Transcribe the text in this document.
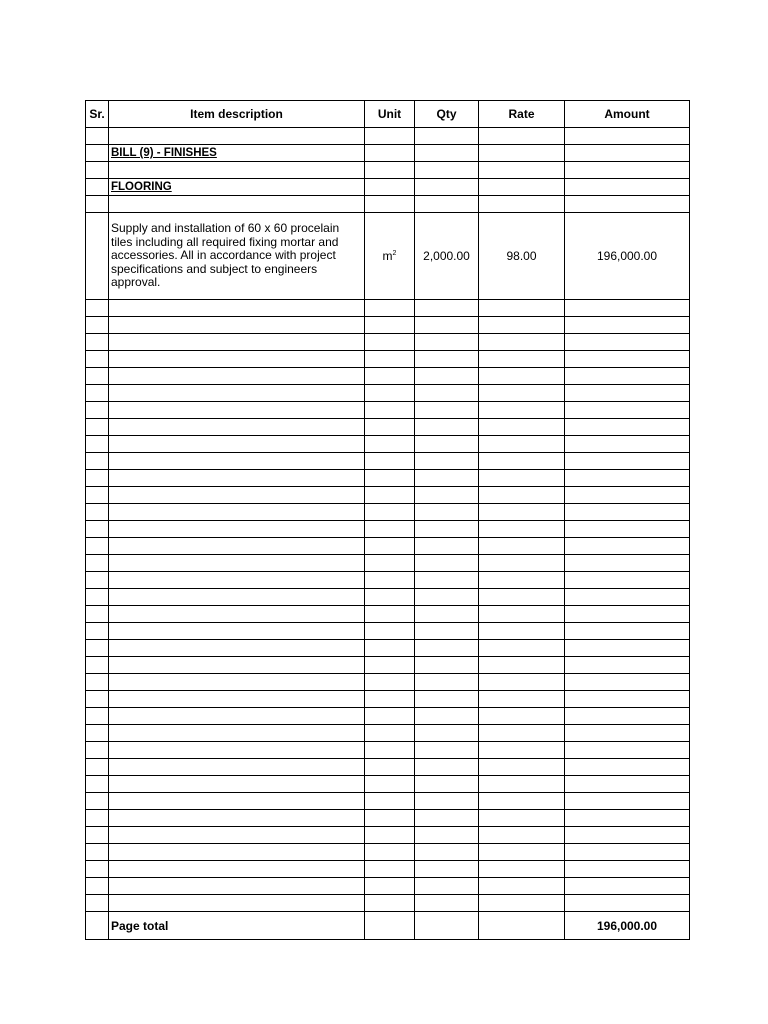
Sr.	Item description	Unit	Qty	Rate	Amount

	BILL (9) - FINISHES				

	FLOORING				

	Supply and installation of 60 x 60 procelain tiles including all required fixing mortar and accessories. All in accordance with project specifications and subject to engineers approval.	$m^2$	2,000.00	98.00	196,000.00

	Page total				196,000.00
